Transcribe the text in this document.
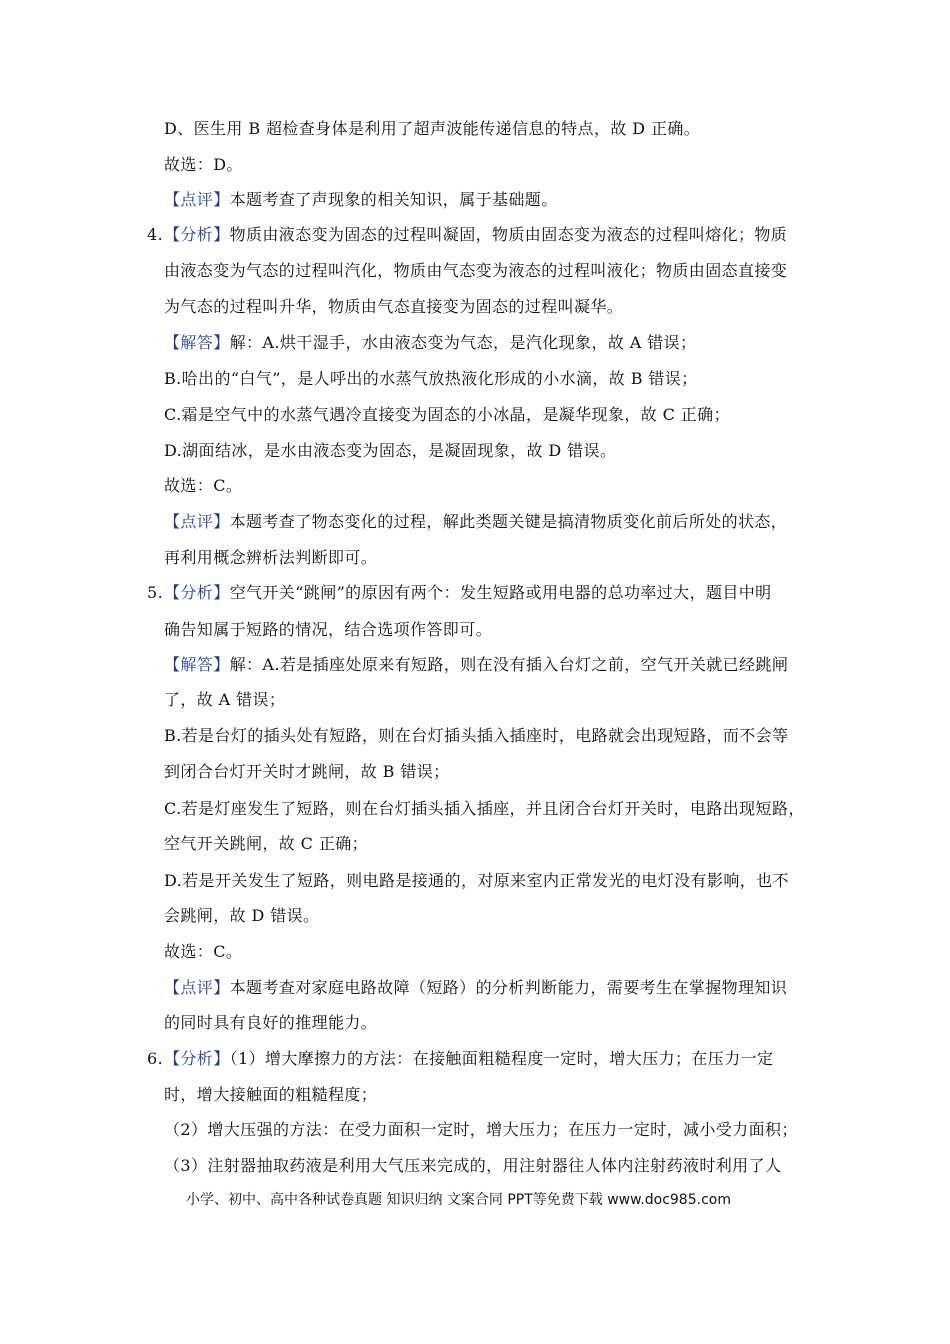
D、医生用 B 超检查身体是利用了超声波能传递信息的特点，故 D 正确。
故选：D。
【点评】本题考查了声现象的相关知识，属于基础题。
4. 【分析】物质由液态变为固态的过程叫凝固，物质由固态变为液态的过程叫熔化；物质
由液态变为气态的过程叫汽化，物质由气态变为液态的过程叫液化；物质由固态直接变
为气态的过程叫升华，物质由气态直接变为固态的过程叫凝华。
【解答】解：A.烘干湿手，水由液态变为气态，是汽化现象，故 A 错误；
B.哈出的“白气”，是人呼出的水蒸气放热液化形成的小水滴，故 B 错误；
C.霜是空气中的水蒸气遇冷直接变为固态的小冰晶，是凝华现象，故 C 正确；
D.湖面结冰，是水由液态变为固态，是凝固现象，故 D 错误。
故选：C。
【点评】本题考查了物态变化的过程，解此类题关键是搞清物质变化前后所处的状态，
再利用概念辨析法判断即可。
5. 【分析】空气开关“跳闸”的原因有两个：发生短路或用电器的总功率过大，题目中明
确告知属于短路的情况，结合选项作答即可。
【解答】解：A.若是插座处原来有短路，则在没有插入台灯之前，空气开关就已经跳闸
了，故 A 错误；
B.若是台灯的插头处有短路，则在台灯插头插入插座时，电路就会出现短路，而不会等
到闭合台灯开关时才跳闸，故 B 错误；
C.若是灯座发生了短路，则在台灯插头插入插座，并且闭合台灯开关时，电路出现短路，
空气开关跳闸，故 C 正确；
D.若是开关发生了短路，则电路是接通的，对原来室内正常发光的电灯没有影响，也不
会跳闸，故 D 错误。
故选：C。
【点评】本题考查对家庭电路故障（短路）的分析判断能力，需要考生在掌握物理知识
的同时具有良好的推理能力。
6. 【分析】（1）增大摩擦力的方法：在接触面粗糙程度一定时，增大压力；在压力一定
时，增大接触面的粗糙程度；
（2）增大压强的方法：在受力面积一定时，增大压力；在压力一定时，减小受力面积；
（3）注射器抽取药液是利用大气压来完成的，用注射器往人体内注射药液时利用了人
小学、初中、高中各种试卷真题 知识归纳 文案合同 PPT等免费下载 www.doc985.com
